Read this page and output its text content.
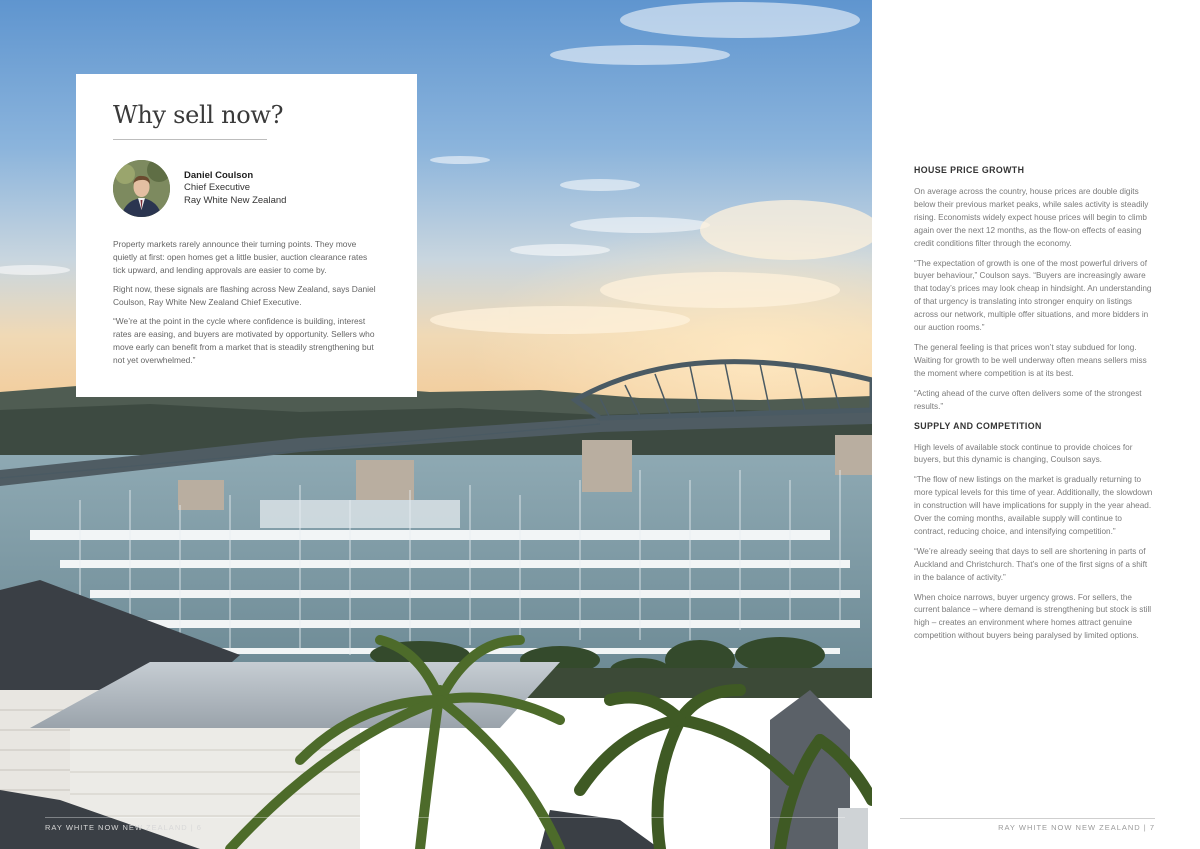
RAY WHITE NOW NEW ZEALAND | 6
Why sell now?
Daniel Coulson
Chief Executive
Ray White New Zealand

Property markets rarely announce their turning points. They move quietly at first: open homes get a little busier, auction clearance rates tick upward, and lending approvals are easier to come by.

Right now, these signals are flashing across New Zealand, says Daniel Coulson, Ray White New Zealand Chief Executive.

“We’re at the point in the cycle where confidence is building, interest rates are easing, and buyers are motivated by opportunity. Sellers who move early can benefit from a market that is steadily strengthening but not yet overwhelmed.”

HOUSE PRICE GROWTH

On average across the country, house prices are double digits below their previous market peaks, while sales activity is steadily rising. Economists widely expect house prices will begin to climb again over the next 12 months, as the flow-on effects of easing credit conditions filter through the economy.

“The expectation of growth is one of the most powerful drivers of buyer behaviour,” Coulson says. “Buyers are increasingly aware that today’s prices may look cheap in hindsight. An understanding of that urgency is translating into stronger enquiry on listings across our network, multiple offer situations, and more bidders in our auction rooms.”

The general feeling is that prices won’t stay subdued for long. Waiting for growth to be well underway often means sellers miss the moment where competition is at its best.

“Acting ahead of the curve often delivers some of the strongest results.”

SUPPLY AND COMPETITION

High levels of available stock continue to provide choices for buyers, but this dynamic is changing, Coulson says.

“The flow of new listings on the market is gradually returning to more typical levels for this time of year. Additionally, the slowdown in construction will have implications for supply in the year ahead. Over the coming months, available supply will continue to contract, reducing choice, and intensifying competition.”

“We’re already seeing that days to sell are shortening in parts of Auckland and Christchurch. That’s one of the first signs of a shift in the balance of activity.”

When choice narrows, buyer urgency grows. For sellers, the current balance – where demand is strengthening but stock is still high – creates an environment where homes attract genuine competition without buyers being paralysed by limited options.

RAY WHITE NOW NEW ZEALAND | 7
